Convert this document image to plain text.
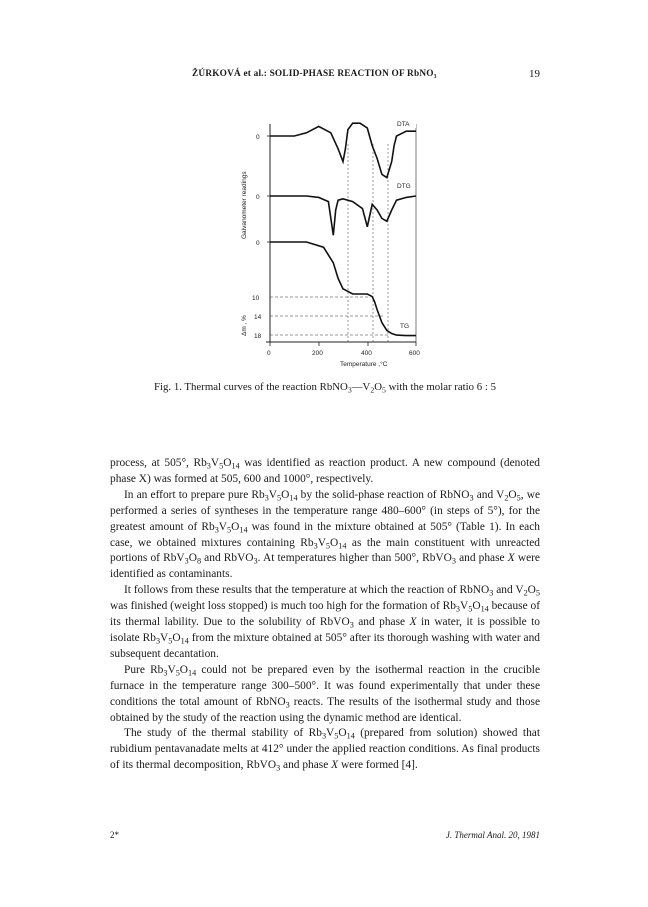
ŽÚRKOVÁ et al.: SOLID-PHASE REACTION OF RbNO₃	19
Galvanometer readings
Δm , %
0
0
0
10
14
18
DTA
DTG
TG
0	200	400	600
Temperature ,°C
Fig. 1. Thermal curves of the reaction $RbNO_3—V_2O_5$ with the molar ratio 6 : 5

process, at 505°, $Rb_3V_5O_{14}$ was identified as reaction product. A new compound (denoted phase X) was formed at 505, 600 and 1000°, respectively.

In an effort to prepare pure $Rb_3V_5O_{14}$ by the solid-phase reaction of RbNO$_3$ and $V_2O_5$, we performed a series of syntheses in the temperature range 480–600° (in steps of 5°), for the greatest amount of $Rb_3V_5O_{14}$ was found in the mixture obtained at 505° (Table 1). In each case, we obtained mixtures containing $Rb_3V_5O_{14}$ as the main constituent with unreacted portions of $RbV_3O_8$ and RbVO$_3$. At temperatures higher than 500°, RbVO$_3$ and phase X were identified as contaminants.

It follows from these results that the temperature at which the reaction of RbNO$_3$ and $V_2O_5$ was finished (weight loss stopped) is much too high for the formation of $Rb_3V_5O_{14}$ because of its thermal lability. Due to the solubility of RbVO$_3$ and phase X in water, it is possible to isolate $Rb_3V_5O_{14}$ from the mixture obtained at 505° after its thorough washing with water and subsequent decantation.

Pure $Rb_3V_5O_{14}$ could not be prepared even by the isothermal reaction in the crucible furnace in the temperature range 300–500°. It was found experimentally that under these conditions the total amount of RbNO$_3$ reacts. The results of the isothermal study and those obtained by the study of the reaction using the dynamic method are identical.

The study of the thermal stability of $Rb_3V_5O_{14}$ (prepared from solution) showed that rubidium pentavanadate melts at 412° under the applied reaction conditions. As final products of its thermal decomposition, RbVO$_3$ and phase X were formed [4].

2*	J. Thermal Anal. 20, 1981
